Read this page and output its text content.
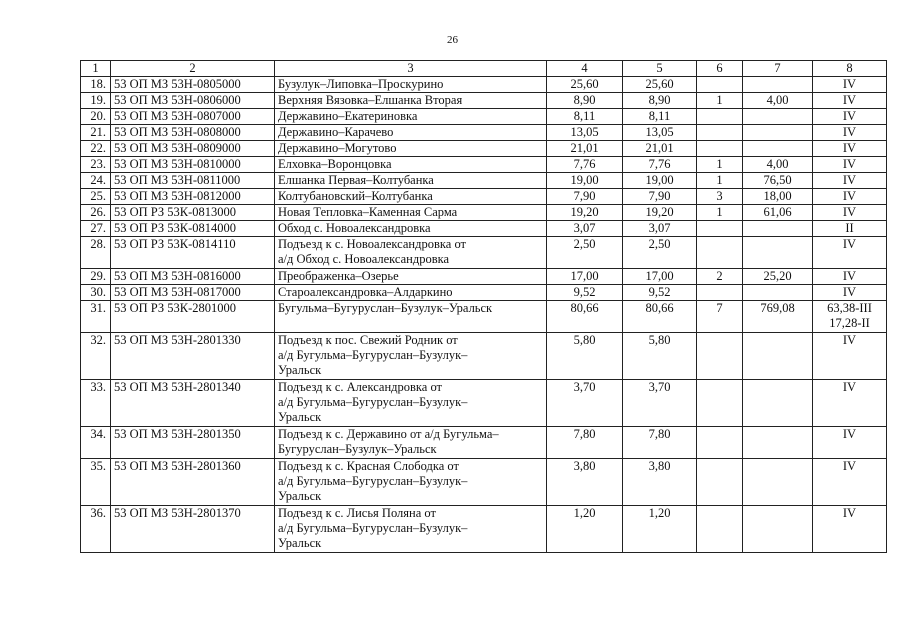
26
1	2	3	4	5	6	7	8
18.	53 ОП МЗ 53Н-0805000	Бузулук–Липовка–Проскурино	25,60	25,60			IV

19.	53 ОП МЗ 53Н-0806000	Верхняя Вязовка–Елшанка Вторая	8,90	8,90	1	4,00	IV

20.	53 ОП МЗ 53Н-0807000	Державино–Екатериновка	8,11	8,11			IV

21.	53 ОП МЗ 53Н-0808000	Державино–Карачево	13,05	13,05			IV

22.	53 ОП МЗ 53Н-0809000	Державино–Могутово	21,01	21,01			IV

23.	53 ОП МЗ 53Н-0810000	Елховка–Воронцовка	7,76	7,76	1	4,00	IV

24.	53 ОП МЗ 53Н-0811000	Елшанка Первая–Колтубанка	19,00	19,00	1	76,50	IV

25.	53 ОП МЗ 53Н-0812000	Колтубановский–Колтубанка	7,90	7,90	3	18,00	IV

26.	53 ОП РЗ 53К-0813000	Новая Тепловка–Каменная Сарма	19,20	19,20	1	61,06	IV

27.	53 ОП РЗ 53К-0814000	Обход с. Новоалександровка	3,07	3,07			II

28.	53 ОП РЗ 53К-0814110	Подъезд к с. Новоалександровка от
а/д Обход с. Новоалександровка	2,50	2,50			IV

29.	53 ОП МЗ 53Н-0816000	Преображенка–Озерье	17,00	17,00	2	25,20	IV

30.	53 ОП МЗ 53Н-0817000	Староалександровка–Алдаркино	9,52	9,52			IV

31.	53 ОП РЗ 53К-2801000	Бугульма–Бугуруслан–Бузулук–Уральск	80,66	80,66	7	769,08	63,38-III
17,28-II

32.	53 ОП МЗ 53Н-2801330	Подъезд к пос. Свежий Родник от
а/д Бугульма–Бугуруслан–Бузулук–
Уральск	5,80	5,80			IV

33.	53 ОП МЗ 53Н-2801340	Подъезд к с. Александровка от
а/д Бугульма–Бугуруслан–Бузулук–
Уральск	3,70	3,70			IV

34.	53 ОП МЗ 53Н-2801350	Подъезд к с. Державино от а/д Бугульма–
Бугуруслан–Бузулук–Уральск	7,80	7,80			IV

35.	53 ОП МЗ 53Н-2801360	Подъезд к с. Красная Слободка от
а/д Бугульма–Бугуруслан–Бузулук–
Уральск	3,80	3,80			IV

36.	53 ОП МЗ 53Н-2801370	Подъезд к с. Лисья Поляна от
а/д Бугульма–Бугуруслан–Бузулук–
Уральск	1,20	1,20			IV
